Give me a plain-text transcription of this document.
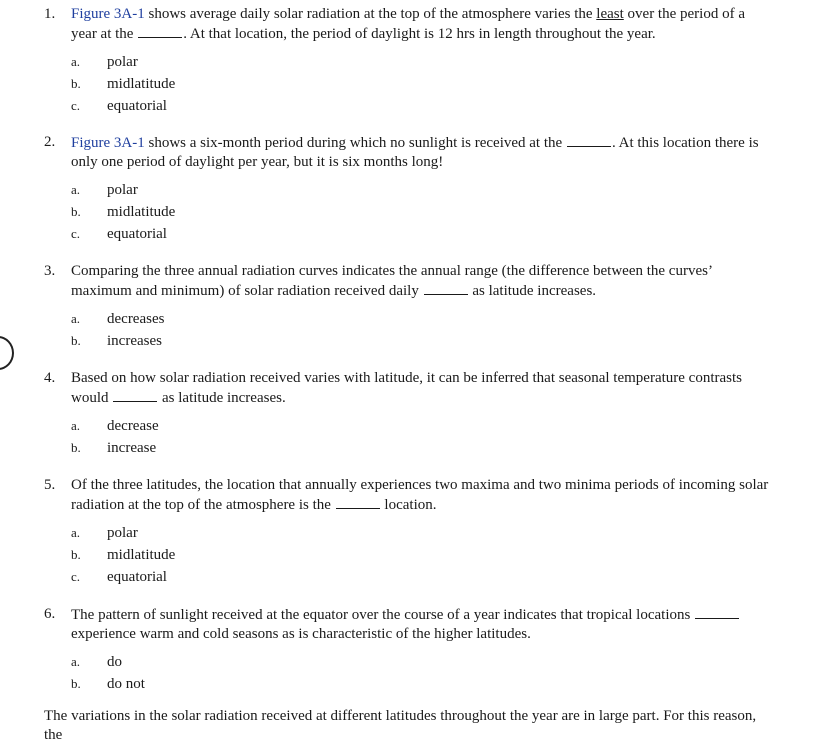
1.	Figure 3A-1 shows average daily solar radiation at the top of the atmosphere varies the least over the period of a year at the	. At that location, the period of daylight is 12 hrs in length throughout the year.
a.	polar
b.	midlatitude
c.	equatorial
2.	Figure 3A-1 shows a six-month period during which no sunlight is received at the	. At this location there is only one period of daylight per year, but it is six months long!
a.	polar
b.	midlatitude
c.	equatorial
3.	Comparing the three annual radiation curves indicates the annual range (the difference between the curves’ maximum and minimum) of solar radiation received daily	as latitude increases.
a.	decreases
b.	increases
4.	Based on how solar radiation received varies with latitude, it can be inferred that seasonal temperature contrasts would	as latitude increases.
a.	decrease
b.	increase
5.	Of the three latitudes, the location that annually experiences two maxima and two minima periods of incoming solar radiation at the top of the atmosphere is the	location.
a.	polar
b.	midlatitude
c.	equatorial
6.	The pattern of sunlight received at the equator over the course of a year indicates that tropical locations  experience warm and cold seasons as is characteristic of the higher latitudes.
a.	do
b.	do not
The variations in the solar radiation received at different latitudes throughout the year are in large part. For this reason, the
